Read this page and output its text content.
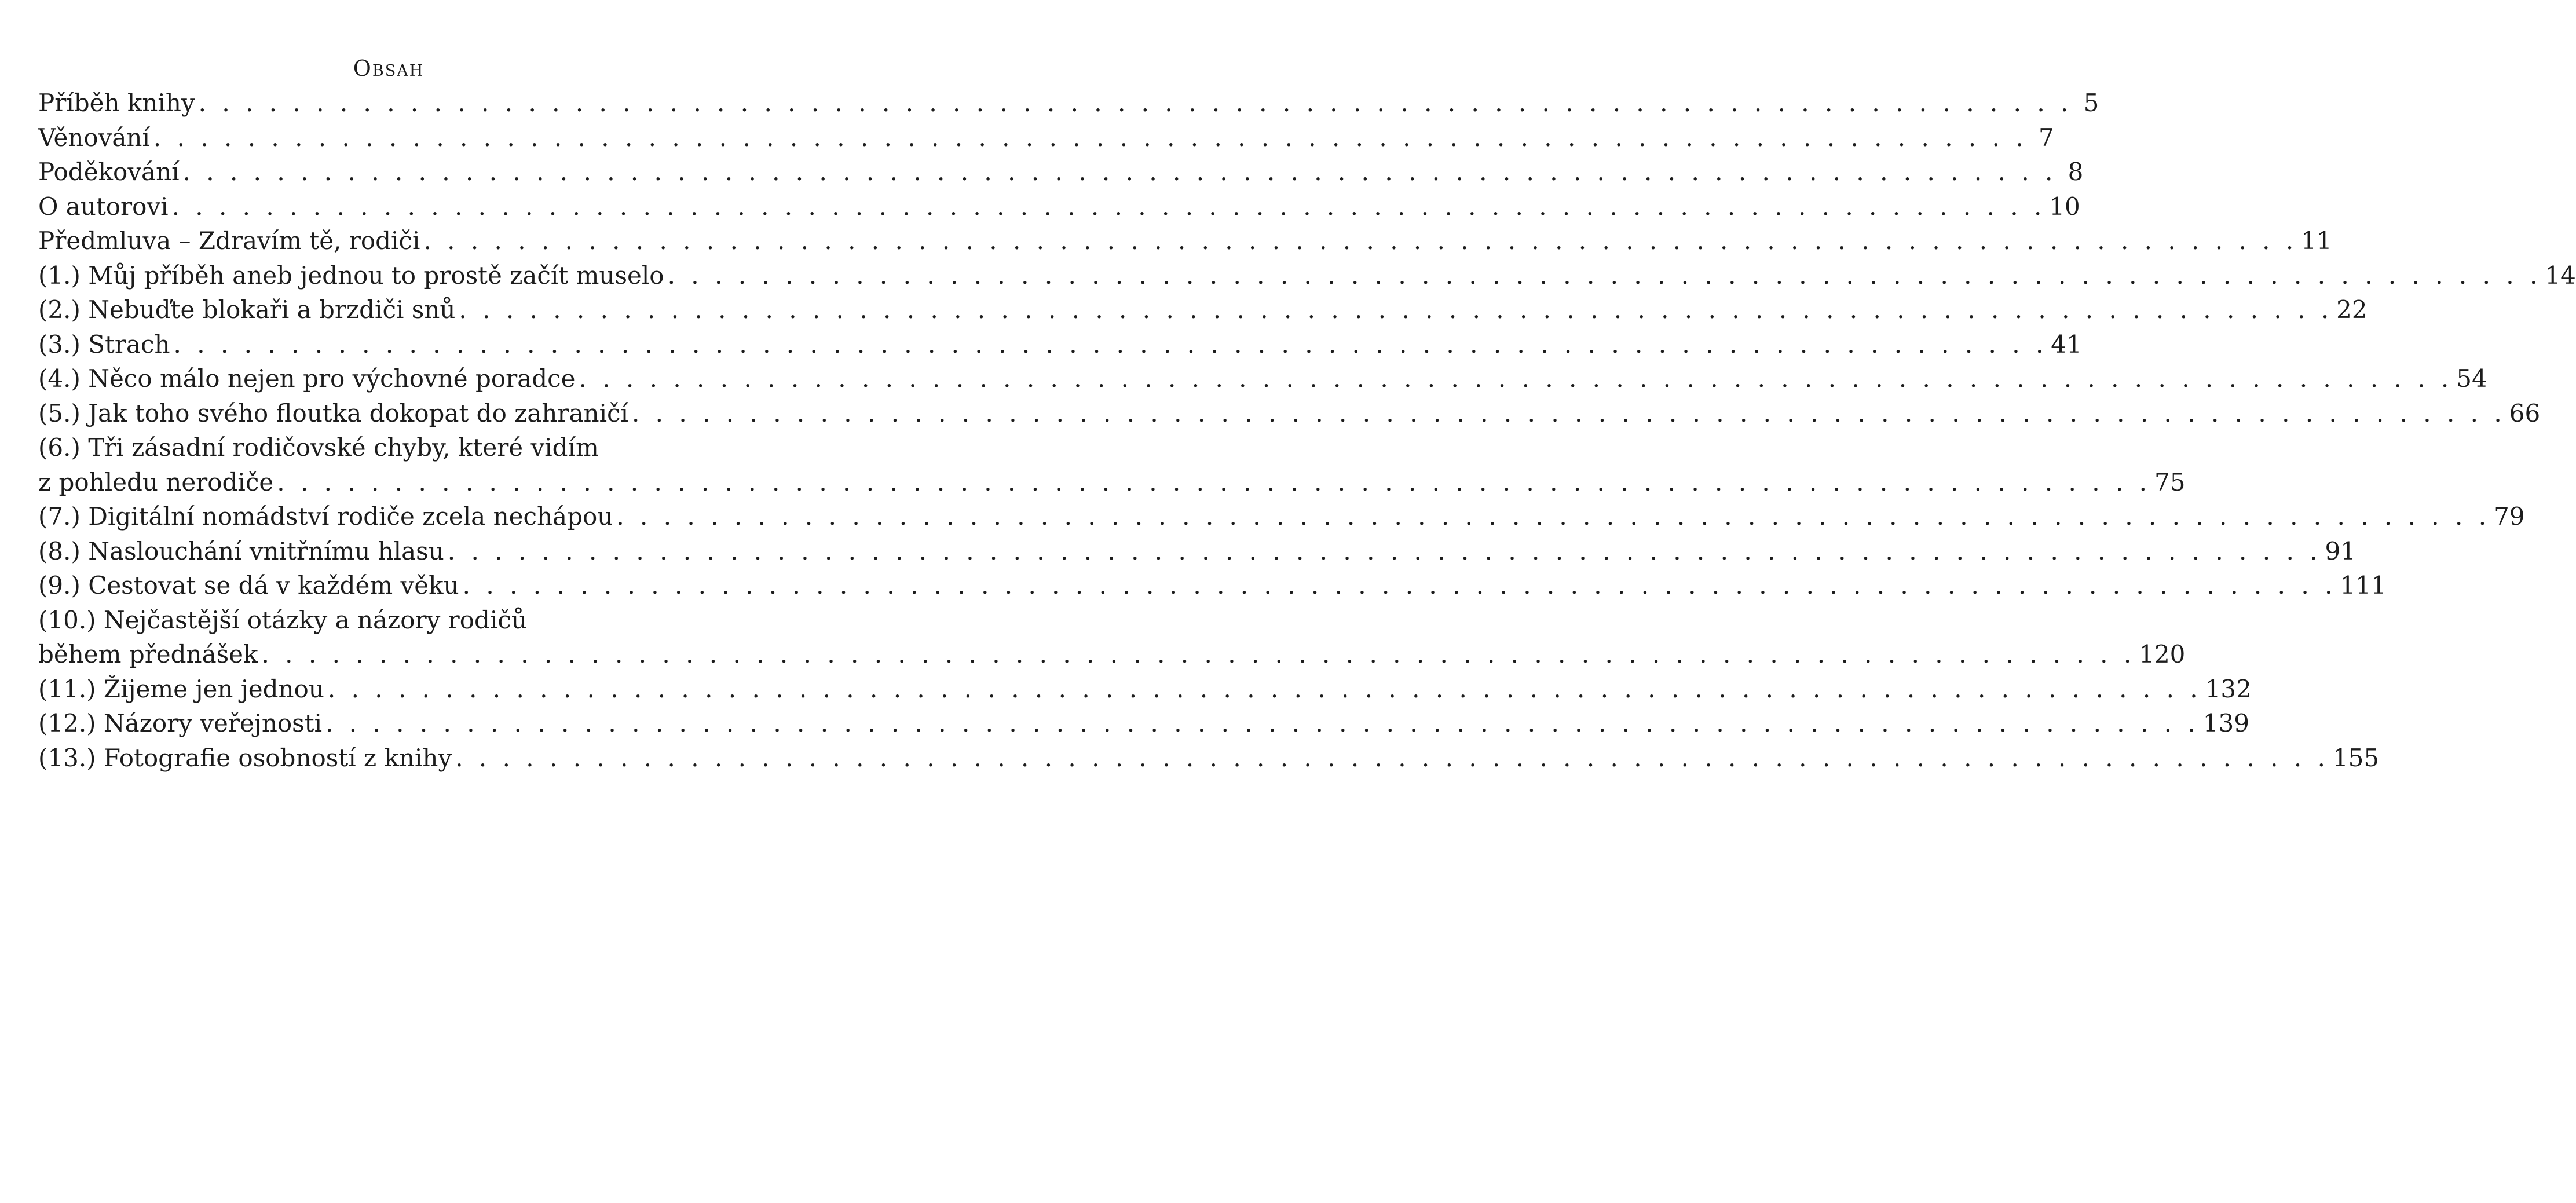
Obsah
Příběh knihy . . . . . . . . . . . . . . . . . . . . . . . . . . . . . . . . . . . . . . . . . . . . . . . . . . . . . . . . . . . . . . . . . . . . . . . . . . . . . . . . 5
Věnování . . . . . . . . . . . . . . . . . . . . . . . . . . . . . . . . . . . . . . . . . . . . . . . . . . . . . . . . . . . . . . . . . . . . . . . . . . . . . . . . 7
Poděkování . . . . . . . . . . . . . . . . . . . . . . . . . . . . . . . . . . . . . . . . . . . . . . . . . . . . . . . . . . . . . . . . . . . . . . . . . . . . . . . . 8
O autorovi . . . . . . . . . . . . . . . . . . . . . . . . . . . . . . . . . . . . . . . . . . . . . . . . . . . . . . . . . . . . . . . . . . . . . . . . . . . . . . . . 10
Předmluva – Zdravím tě, rodiči . . . . . . . . . . . . . . . . . . . . . . . . . . . . . . . . . . . . . . . . . . . . . . . . . . . . . . . . . . . . . . . . . . . . . . . . . . . . . . . . 11
(1.) Můj příběh aneb jednou to prostě začít muselo . . . . . . . . . . . . . . . . . . . . . . . . . . . . . . . . . . . . . . . . . . . . . . . . . . . . . . . . . . . . . . . . . . . . . . . . . . . . . . . . 14
(2.) Nebuďte blokaři a brzdiči snů . . . . . . . . . . . . . . . . . . . . . . . . . . . . . . . . . . . . . . . . . . . . . . . . . . . . . . . . . . . . . . . . . . . . . . . . . . . . . . . . 22
(3.) Strach . . . . . . . . . . . . . . . . . . . . . . . . . . . . . . . . . . . . . . . . . . . . . . . . . . . . . . . . . . . . . . . . . . . . . . . . . . . . . . . . 41
(4.) Něco málo nejen pro výchovné poradce . . . . . . . . . . . . . . . . . . . . . . . . . . . . . . . . . . . . . . . . . . . . . . . . . . . . . . . . . . . . . . . . . . . . . . . . . . . . . . . . 54
(5.) Jak toho svého floutka dokopat do zahraničí . . . . . . . . . . . . . . . . . . . . . . . . . . . . . . . . . . . . . . . . . . . . . . . . . . . . . . . . . . . . . . . . . . . . . . . . . . . . . . . . 66
(6.) Tři zásadní rodičovské chyby, které vidím
z pohledu nerodiče . . . . . . . . . . . . . . . . . . . . . . . . . . . . . . . . . . . . . . . . . . . . . . . . . . . . . . . . . . . . . . . . . . . . . . . . . . . . . . . . 75
(7.) Digitální nomádství rodiče zcela nechápou . . . . . . . . . . . . . . . . . . . . . . . . . . . . . . . . . . . . . . . . . . . . . . . . . . . . . . . . . . . . . . . . . . . . . . . . . . . . . . . . 79
(8.) Naslouchání vnitřnímu hlasu . . . . . . . . . . . . . . . . . . . . . . . . . . . . . . . . . . . . . . . . . . . . . . . . . . . . . . . . . . . . . . . . . . . . . . . . . . . . . . . . 91
(9.) Cestovat se dá v každém věku . . . . . . . . . . . . . . . . . . . . . . . . . . . . . . . . . . . . . . . . . . . . . . . . . . . . . . . . . . . . . . . . . . . . . . . . . . . . . . . . 111
(10.) Nejčastější otázky a názory rodičů
během přednášek . . . . . . . . . . . . . . . . . . . . . . . . . . . . . . . . . . . . . . . . . . . . . . . . . . . . . . . . . . . . . . . . . . . . . . . . . . . . . . . . 120
(11.) Žijeme jen jednou . . . . . . . . . . . . . . . . . . . . . . . . . . . . . . . . . . . . . . . . . . . . . . . . . . . . . . . . . . . . . . . . . . . . . . . . . . . . . . . . 132
(12.) Názory veřejnosti . . . . . . . . . . . . . . . . . . . . . . . . . . . . . . . . . . . . . . . . . . . . . . . . . . . . . . . . . . . . . . . . . . . . . . . . . . . . . . . . 139
(13.) Fotografie osobností z knihy . . . . . . . . . . . . . . . . . . . . . . . . . . . . . . . . . . . . . . . . . . . . . . . . . . . . . . . . . . . . . . . . . . . . . . . . . . . . . . . . 155
